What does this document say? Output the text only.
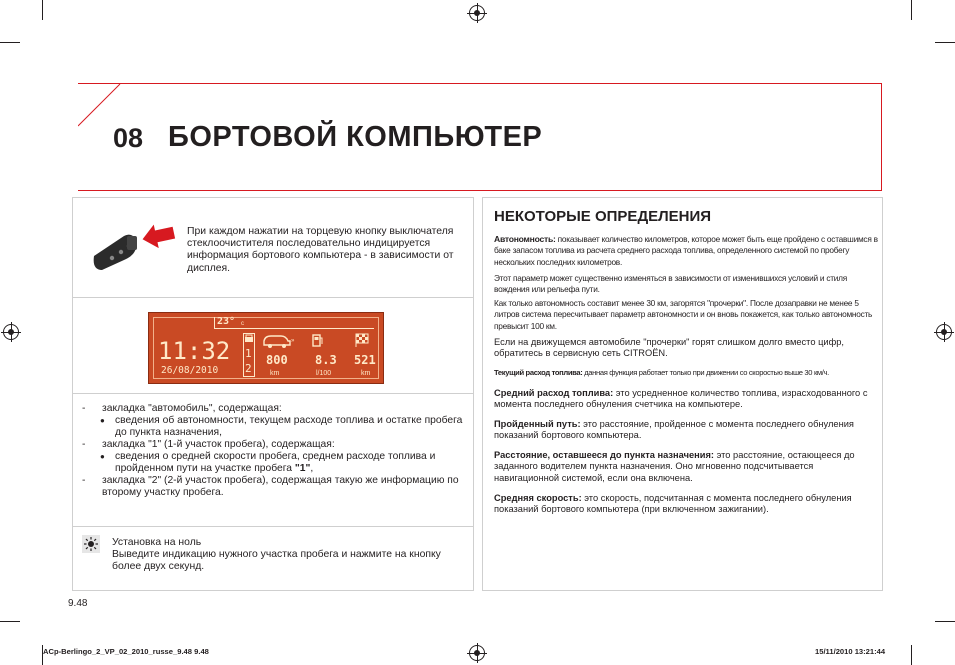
08 БОРТОВОЙ КОМПЬЮТЕР
При каждом нажатии на торцевую кнопку выключателя стеклоочистителя последовательно индицируется информация бортового компьютера - в зависимости от дисплея.
23° c
11:32
26/08/2010
1
2
»
800 8.3 521
km	l/100	km
- закладка "автомобиль", содержащая:
● сведения об автономности, текущем расходе топлива и остатке пробега до пункта назначения,
- закладка "1" (1-й участок пробега), содержащая:
● сведения о средней скорости пробега, среднем расходе топлива и пройденном пути на участке пробега "1",
- закладка "2" (2-й участок пробега), содержащая такую же информацию по второму участку пробега.
Установка на ноль
Выведите индикацию нужного участка пробега и нажмите на кнопку более двух секунд.
НЕКОТОРЫЕ ОПРЕДЕЛЕНИЯ
Автономность: показывает количество километров, которое может быть еще пройдено с оставшимся в баке запасом топлива из расчета среднего расхода топлива, определенного системой по пробегу нескольких последних километров.
Этот параметр может существенно изменяться в зависимости от изменившихся условий и стиля вождения или рельефа пути.
Как только автономность составит менее 30 км, загорятся "прочерки". После дозаправки не менее 5 литров система пересчитывает параметр автономности и он вновь покажется, как только автономность превысит 100 км.
Если на движущемся автомобиле "прочерки" горят слишком долго вместо цифр, обратитесь в сервисную сеть CITROËN.
Текущий расход топлива: данная функция работает только при движении со скоростью выше 30 км/ч.
Средний расход топлива: это усредненное количество топлива, израсходованного с момента последнего обнуления счетчика на компьютере.
Пройденный путь: это расстояние, пройденное с момента последнего обнуления показаний бортового компьютера.
Расстояние, оставшееся до пункта назначения: это расстояние, остающееся до заданного водителем пункта назначения. Оно мгновенно подсчитывается навигационной системой, если она включена.
Средняя скорость: это скорость, подсчитанная с момента последнего обнуления показаний бортового компьютера (при включенном зажигании).
9.48
ACp-Berlingo_2_VP_02_2010_russe_9.48 9.48	15/11/2010 13:21:44
